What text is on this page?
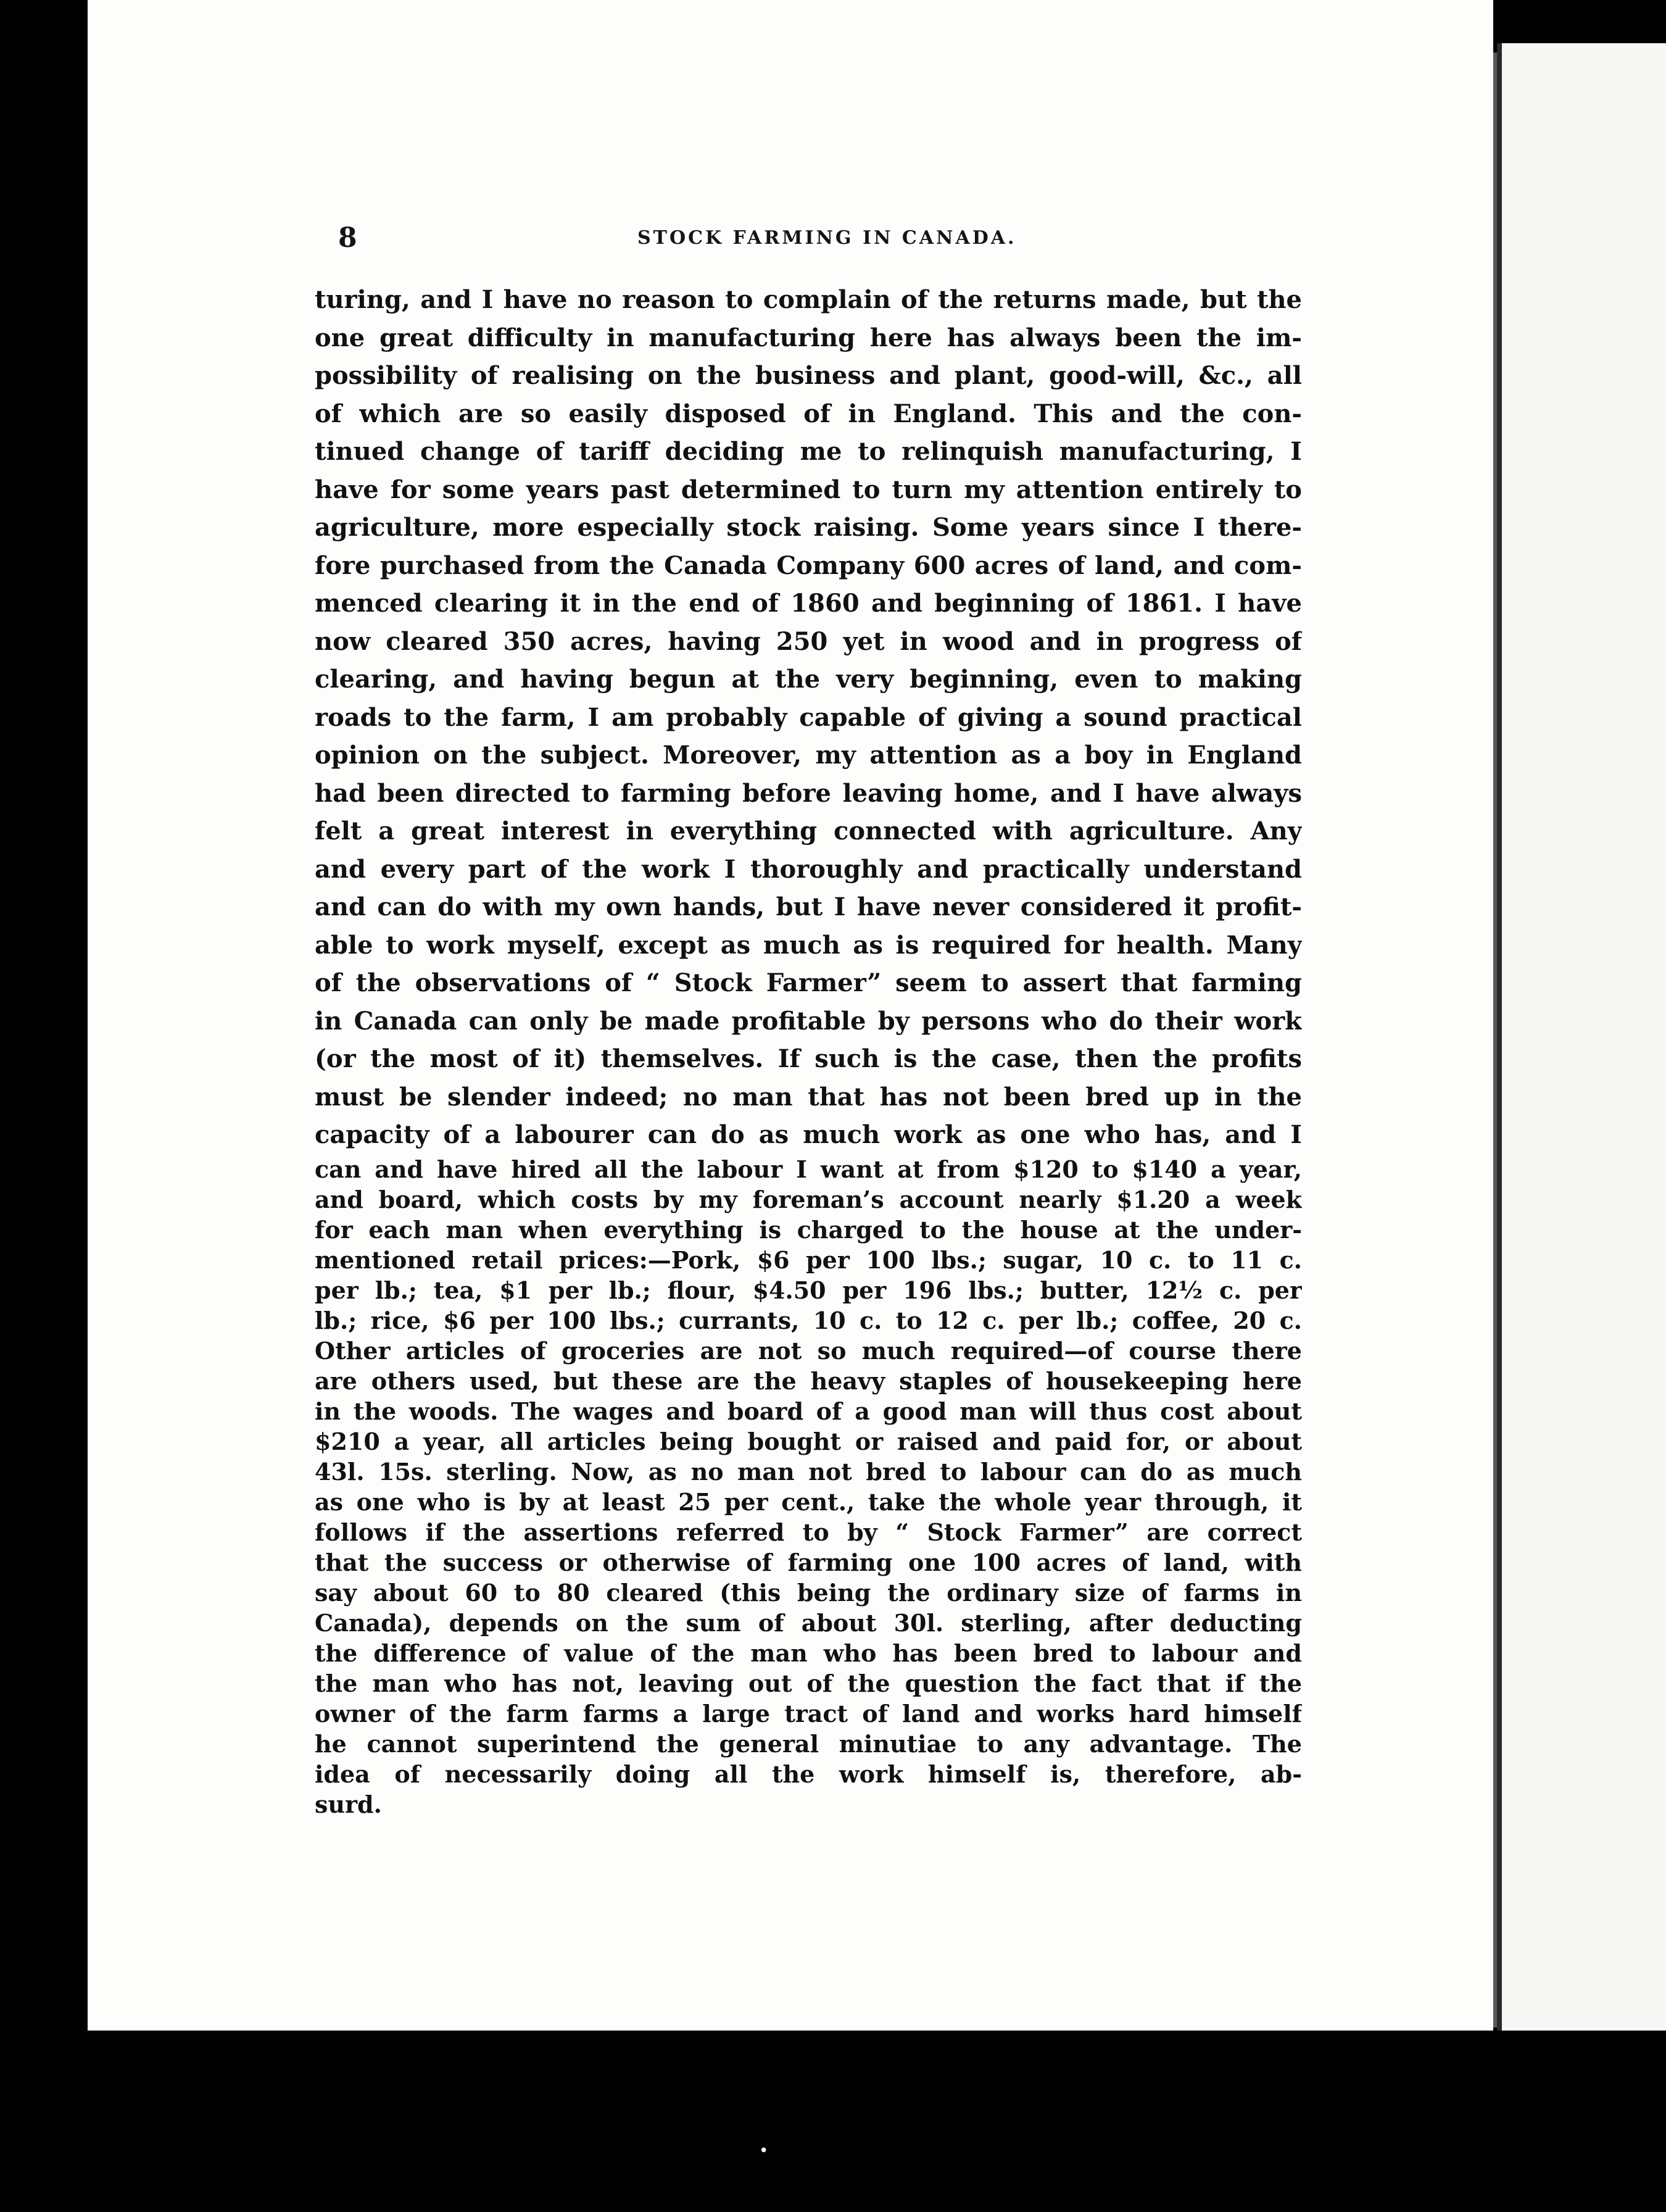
•
8	STOCK FARMING IN CANADA.
turing, and I have no reason to complain of the returns made, but the
one great difficulty in manufacturing here has always been the im-
possibility of realising on the business and plant, good-will, &c., all
of which are so easily disposed of in England. This and the con-
tinued change of tariff deciding me to relinquish manufacturing, I
have for some years past determined to turn my attention entirely to
agriculture, more especially stock raising. Some years since I there-
fore purchased from the Canada Company 600 acres of land, and com-
menced clearing it in the end of 1860 and beginning of 1861. I have
now cleared 350 acres, having 250 yet in wood and in progress of
clearing, and having begun at the very beginning, even to making
roads to the farm, I am probably capable of giving a sound practical
opinion on the subject. Moreover, my attention as a boy in England
had been directed to farming before leaving home, and I have always
felt a great interest in everything connected with agriculture. Any
and every part of the work I thoroughly and practically understand
and can do with my own hands, but I have never considered it profit-
able to work myself, except as much as is required for health. Many
of the observations of “ Stock Farmer” seem to assert that farming
in Canada can only be made profitable by persons who do their work
(or the most of it) themselves. If such is the case, then the profits
must be slender indeed; no man that has not been bred up in the
capacity of a labourer can do as much work as one who has, and I
can and have hired all the labour I want at from $120 to $140 a year,
and board, which costs by my foreman’s account nearly $1.20 a week
for each man when everything is charged to the house at the under-
mentioned retail prices:—Pork, $6 per 100 lbs.; sugar, 10 c. to 11 c.
per lb.; tea, $1 per lb.; flour, $4.50 per 196 lbs.; butter, 12½ c. per
lb.; rice, $6 per 100 lbs.; currants, 10 c. to 12 c. per lb.; coffee, 20 c.
Other articles of groceries are not so much required—of course there
are others used, but these are the heavy staples of housekeeping here
in the woods. The wages and board of a good man will thus cost about
$210 a year, all articles being bought or raised and paid for, or about
43l. 15s. sterling. Now, as no man not bred to labour can do as much
as one who is by at least 25 per cent., take the whole year through, it
follows if the assertions referred to by “ Stock Farmer” are correct
that the success or otherwise of farming one 100 acres of land, with
say about 60 to 80 cleared (this being the ordinary size of farms in
Canada), depends on the sum of about 30l. sterling, after deducting
the difference of value of the man who has been bred to labour and
the man who has not, leaving out of the question the fact that if the
owner of the farm farms a large tract of land and works hard himself
he cannot superintend the general minutiae to any advantage. The
idea of necessarily doing all the work himself is, therefore, ab-
surd.
